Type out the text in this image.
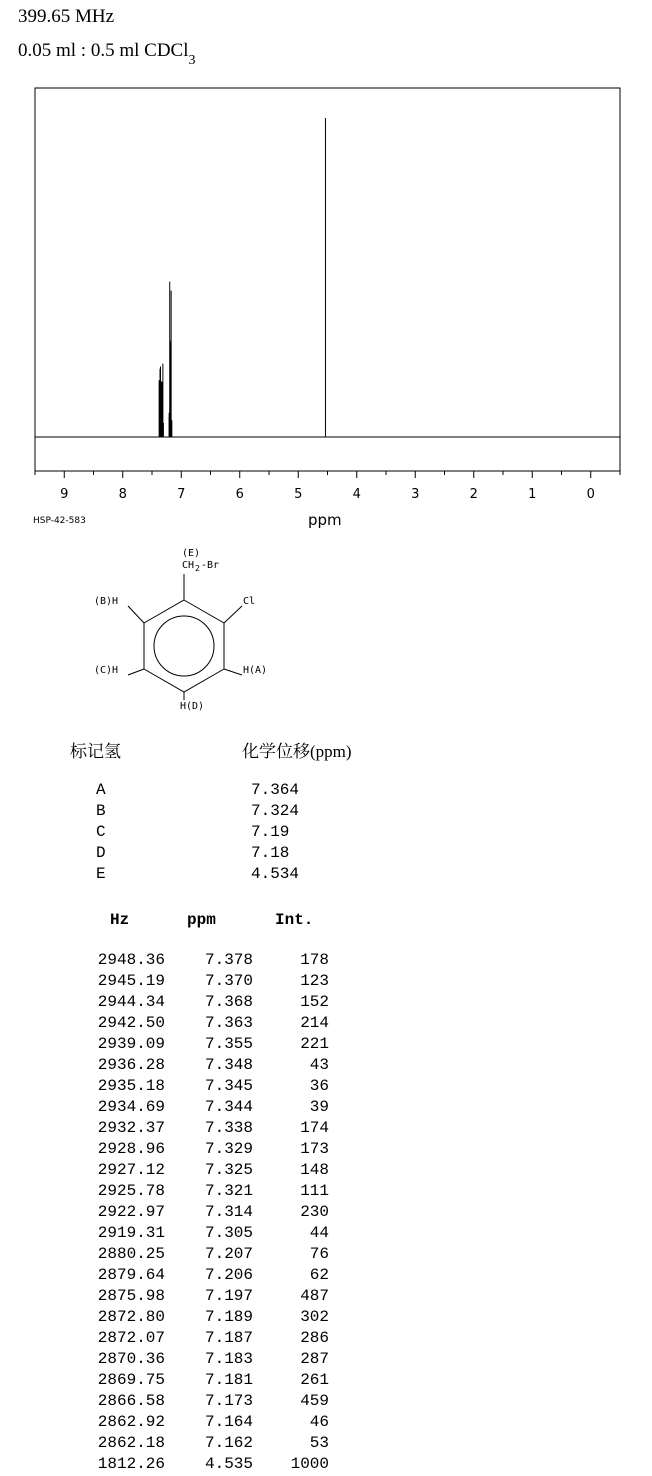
399.65 MHz
0.05 ml : 0.5 ml CDCl$_3$
9	8	7	6	5	4	3	2	1	0
HSP-42-583	ppm
(E)
CH 2 -Br
(B)H	Cl
(C)H	H(A)
H(D)
标记氢	化学位移(ppm)
A	7.364
B	7.324
C	7.19
D	7.18
E	4.534
Hz	ppm	Int.
2948.36	7.378	178
2945.19	7.370	123
2944.34	7.368	152
2942.50	7.363	214
2939.09	7.355	221
2936.28	7.348	43
2935.18	7.345	36
2934.69	7.344	39
2932.37	7.338	174
2928.96	7.329	173
2927.12	7.325	148
2925.78	7.321	111
2922.97	7.314	230
2919.31	7.305	44
2880.25	7.207	76
2879.64	7.206	62
2875.98	7.197	487
2872.80	7.189	302
2872.07	7.187	286
2870.36	7.183	287
2869.75	7.181	261
2866.58	7.173	459
2862.92	7.164	46
2862.18	7.162	53
1812.26	4.535	1000
